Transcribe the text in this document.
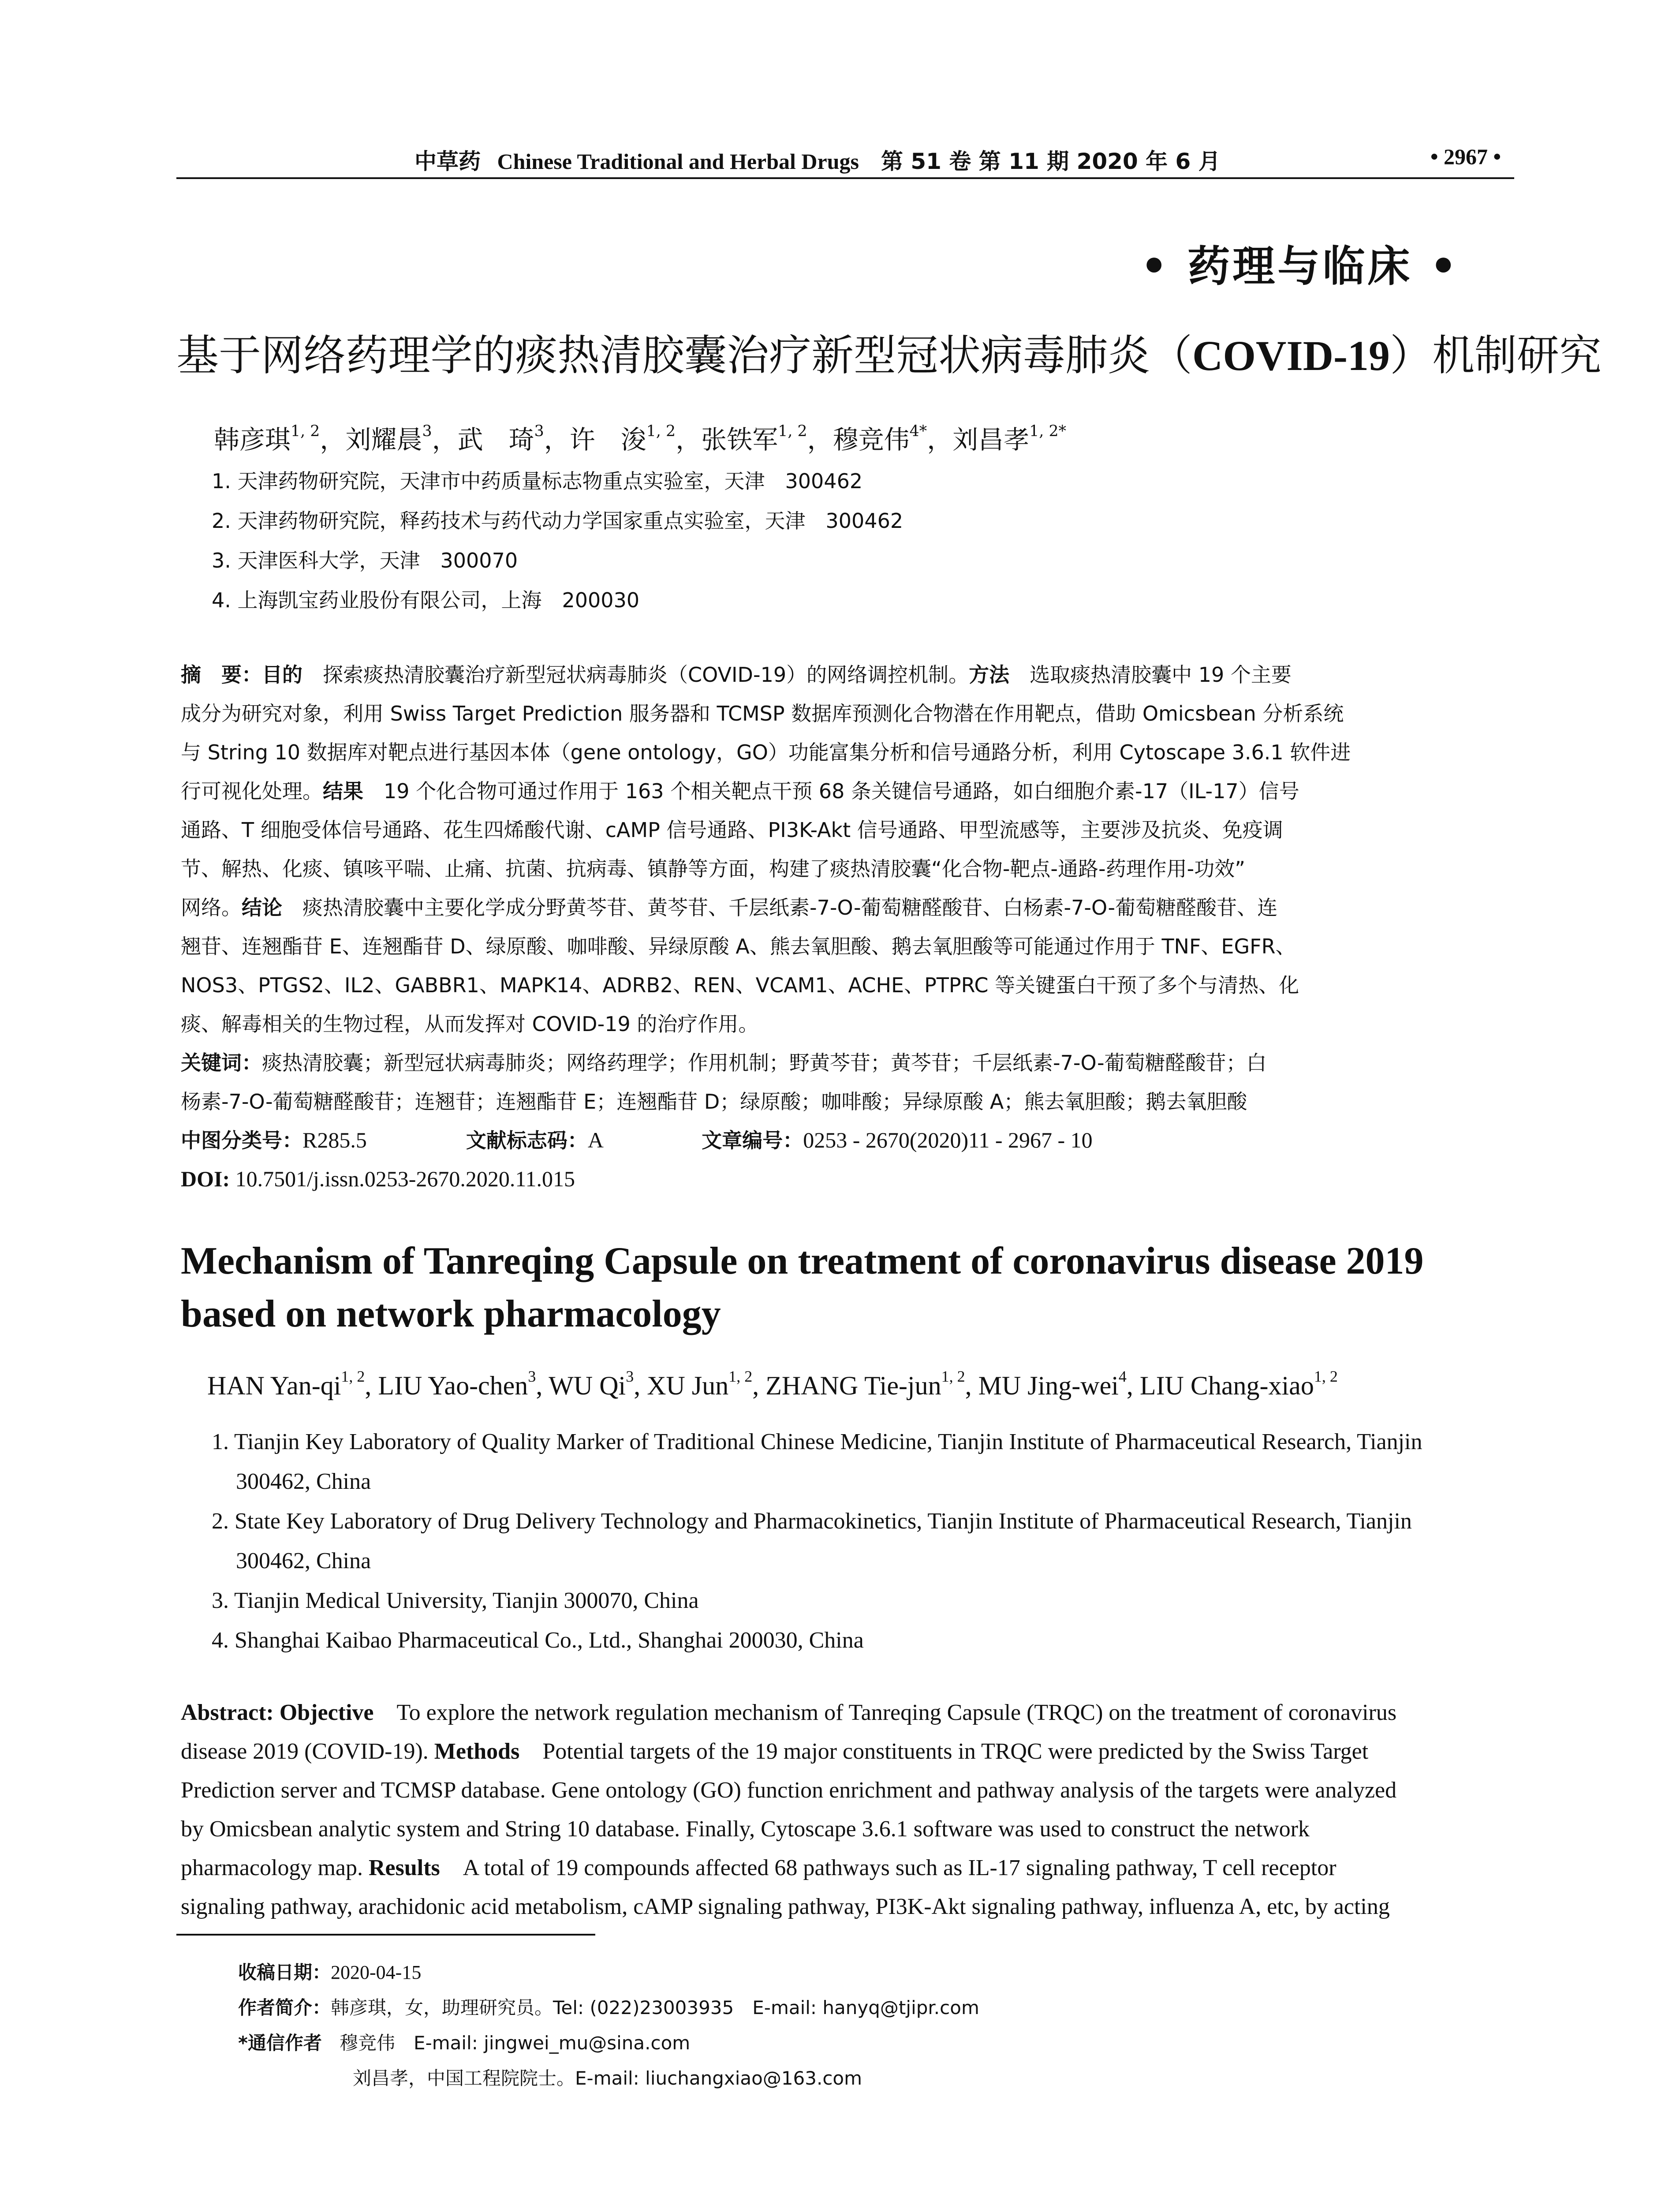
中草药 Chinese Traditional and Herbal Drugs 第 51 卷 第 11 期 2020 年 6 月	• 2967 •
• 药理与临床 •
基于网络药理学的痰热清胶囊治疗新型冠状病毒肺炎（COVID-19）机制研究
韩彦琪$^{1, 2}$，刘耀晨$^3$，武　琦$^3$，许　浚$^{1, 2}$，张铁军$^{1, 2}$，穆竞伟$^{4*}$，刘昌孝$^{1, 2*}$
1. 天津药物研究院，天津市中药质量标志物重点实验室，天津　300462
2. 天津药物研究院，释药技术与药代动力学国家重点实验室，天津　300462
3. 天津医科大学，天津　300070
4. 上海凯宝药业股份有限公司，上海　200030
摘　要：目的　探索痰热清胶囊治疗新型冠状病毒肺炎（COVID-19）的网络调控机制。方法　选取痰热清胶囊中 19 个主要
成分为研究对象，利用 Swiss Target Prediction 服务器和 TCMSP 数据库预测化合物潜在作用靶点，借助 Omicsbean 分析系统
与 String 10 数据库对靶点进行基因本体（gene ontology，GO）功能富集分析和信号通路分析，利用 Cytoscape 3.6.1 软件进
行可视化处理。结果　19 个化合物可通过作用于 163 个相关靶点干预 68 条关键信号通路，如白细胞介素-17（IL-17）信号
通路、T 细胞受体信号通路、花生四烯酸代谢、cAMP 信号通路、PI3K-Akt 信号通路、甲型流感等，主要涉及抗炎、免疫调
节、解热、化痰、镇咳平喘、止痛、抗菌、抗病毒、镇静等方面，构建了痰热清胶囊“化合物-靶点-通路-药理作用-功效”
网络。结论　痰热清胶囊中主要化学成分野黄芩苷、黄芩苷、千层纸素-7-O-葡萄糖醛酸苷、白杨素-7-O-葡萄糖醛酸苷、连
翘苷、连翘酯苷 E、连翘酯苷 D、绿原酸、咖啡酸、异绿原酸 A、熊去氧胆酸、鹅去氧胆酸等可能通过作用于 TNF、EGFR、
NOS3、PTGS2、IL2、GABBR1、MAPK14、ADRB2、REN、VCAM1、ACHE、PTPRC 等关键蛋白干预了多个与清热、化
痰、解毒相关的生物过程，从而发挥对 COVID-19 的治疗作用。
关键词：痰热清胶囊；新型冠状病毒肺炎；网络药理学；作用机制；野黄芩苷；黄芩苷；千层纸素-7-O-葡萄糖醛酸苷；白
杨素-7-O-葡萄糖醛酸苷；连翘苷；连翘酯苷 E；连翘酯苷 D；绿原酸；咖啡酸；异绿原酸 A；熊去氧胆酸；鹅去氧胆酸
中图分类号：R285.5	文献标志码：A	文章编号：0253 - 2670(2020)11 - 2967 - 10
DOI: 10.7501/j.issn.0253-2670.2020.11.015
Mechanism of Tanreqing Capsule on treatment of coronavirus disease 2019
based on network pharmacology
HAN Yan-qi$^{1, 2}$, LIU Yao-chen$^3$, WU Qi$^3$, XU Jun$^{1, 2}$, ZHANG Tie-jun$^{1, 2}$, MU Jing-wei$^4$, LIU Chang-xiao$^{1, 2}$
1. Tianjin Key Laboratory of Quality Marker of Traditional Chinese Medicine, Tianjin Institute of Pharmaceutical Research, Tianjin
300462, China
2. State Key Laboratory of Drug Delivery Technology and Pharmacokinetics, Tianjin Institute of Pharmaceutical Research, Tianjin
300462, China
3. Tianjin Medical University, Tianjin 300070, China
4. Shanghai Kaibao Pharmaceutical Co., Ltd., Shanghai 200030, China
Abstract: Objective　To explore the network regulation mechanism of Tanreqing Capsule (TRQC) on the treatment of coronavirus
disease 2019 (COVID-19). Methods　Potential targets of the 19 major constituents in TRQC were predicted by the Swiss Target
Prediction server and TCMSP database. Gene ontology (GO) function enrichment and pathway analysis of the targets were analyzed
by Omicsbean analytic system and String 10 database. Finally, Cytoscape 3.6.1 software was used to construct the network
pharmacology map. Results　A total of 19 compounds affected 68 pathways such as IL-17 signaling pathway, T cell receptor
signaling pathway, arachidonic acid metabolism, cAMP signaling pathway, PI3K-Akt signaling pathway, influenza A, etc, by acting
收稿日期：2020-04-15
作者简介：韩彦琪，女，助理研究员。Tel: (022)23003935　E-mail: hanyq@tjipr.com
*通信作者 穆竞伟　E-mail: jingwei_mu@sina.com
刘昌孝，中国工程院院士。E-mail: liuchangxiao@163.com
